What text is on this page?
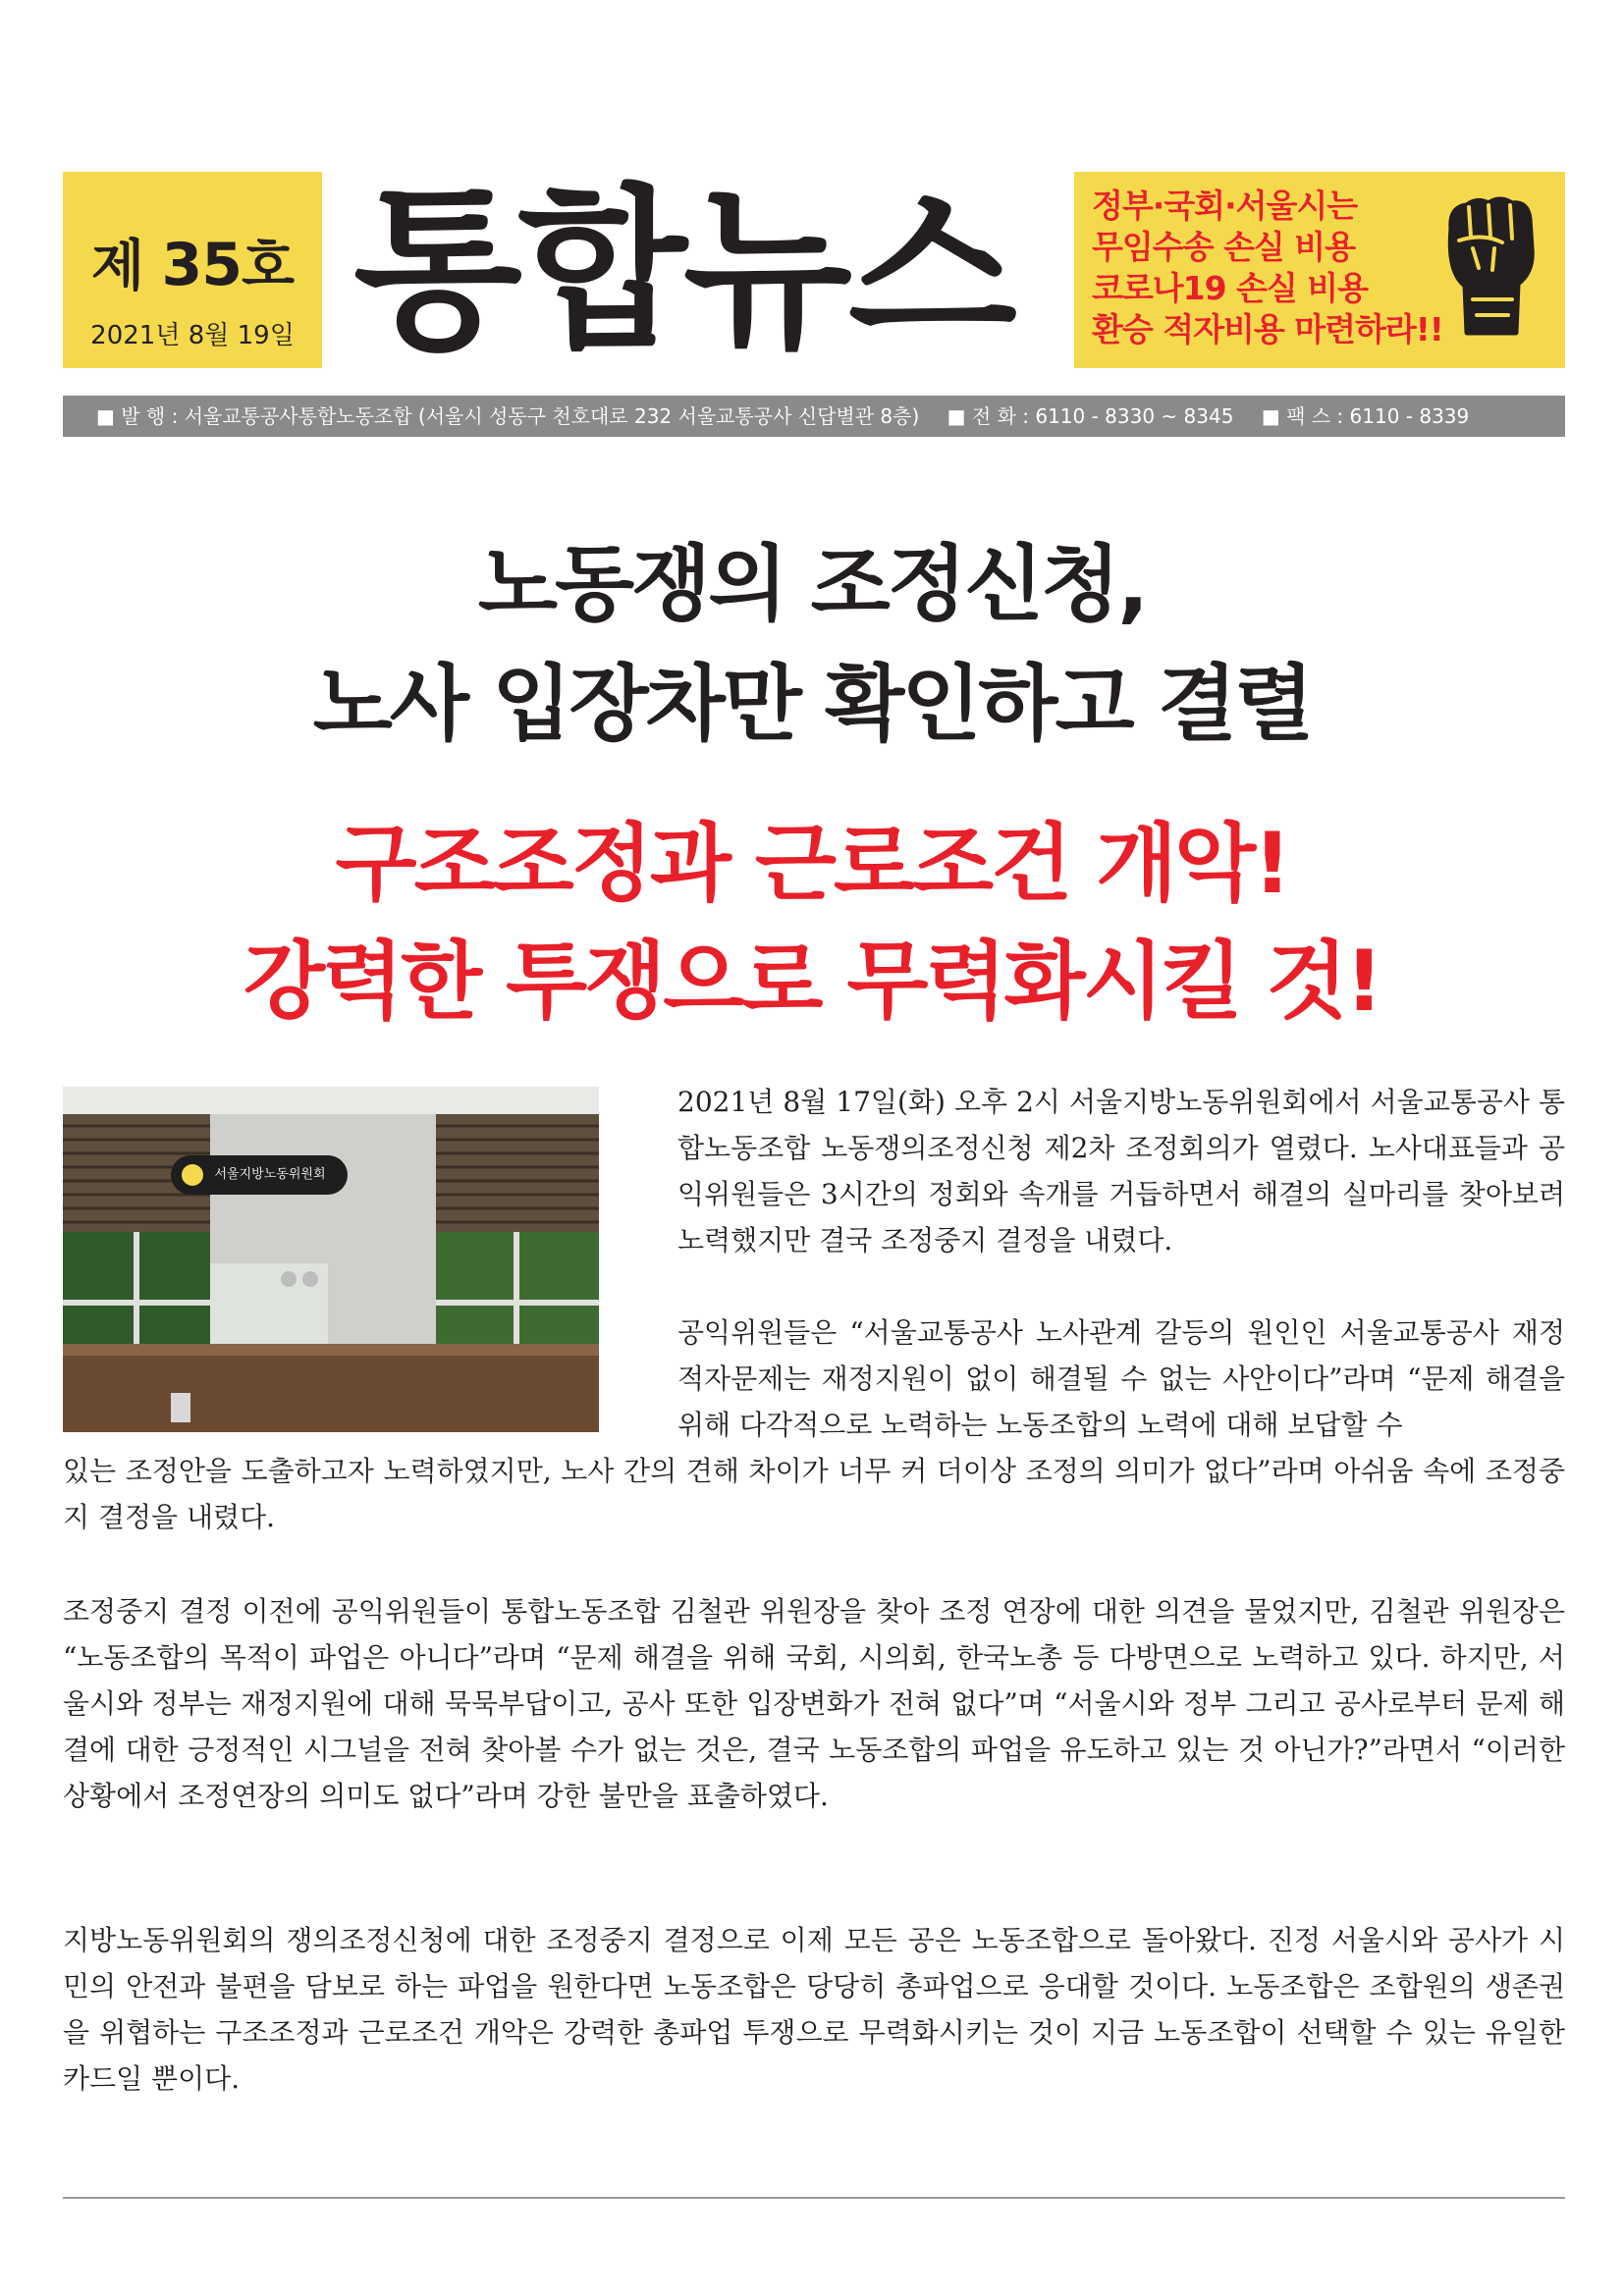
제 35호
2021년 8월 19일 통합뉴스	정부·국회·서울시는
무임수송 손실 비용
코로나19 손실 비용
환승 적자비용 마련하라!!
■ 발 행 : 서울교통공사통합노동조합 (서울시 성동구 천호대로 232 서울교통공사 신답별관 8층) ■ 전 화 : 6110 - 8330 ~ 8345 ■ 팩 스 : 6110 - 8339
노동쟁의 조정신청,
노사 입장차만 확인하고 결렬
구조조정과 근로조건 개악!
강력한 투쟁으로 무력화시킬 것!
서울지방노동위원회

2021년 8월 17일(화) 오후 2시 서울지방노동위원회에서 서울교통공사 통합노동조합 노동쟁의조정신청 제2차 조정회의가 열렸다. 노사대표들과 공익위원들은 3시간의 정회와 속개를 거듭하면서 해결의 실마리를 찾아보려 노력했지만 결국 조정중지 결정을 내렸다.

공익위원들은 “서울교통공사 노사관계 갈등의 원인인 서울교통공사 재정적자문제는 재정지원이 없이 해결될 수 없는 사안이다”라며 “문제 해결을 위해 다각적으로 노력하는 노동조합의 노력에 대해 보답할 수

있는 조정안을 도출하고자 노력하였지만, 노사 간의 견해 차이가 너무 커 더이상 조정의 의미가 없다”라며 아쉬움 속에 조정중지 결정을 내렸다.

조정중지 결정 이전에 공익위원들이 통합노동조합 김철관 위원장을 찾아 조정 연장에 대한 의견을 물었지만, 김철관 위원장은 “노동조합의 목적이 파업은 아니다”라며 “문제 해결을 위해 국회, 시의회, 한국노총 등 다방면으로 노력하고 있다. 하지만, 서울시와 정부는 재정지원에 대해 묵묵부답이고, 공사 또한 입장변화가 전혀 없다”며 “서울시와 정부 그리고 공사로부터 문제 해결에 대한 긍정적인 시그널을 전혀 찾아볼 수가 없는 것은, 결국 노동조합의 파업을 유도하고 있는 것 아닌가?”라면서 “이러한 상황에서 조정연장의 의미도 없다”라며 강한 불만을 표출하였다.

지방노동위원회의 쟁의조정신청에 대한 조정중지 결정으로 이제 모든 공은 노동조합으로 돌아왔다. 진정 서울시와 공사가 시민의 안전과 불편을 담보로 하는 파업을 원한다면 노동조합은 당당히 총파업으로 응대할 것이다. 노동조합은 조합원의 생존권을 위협하는 구조조정과 근로조건 개악은 강력한 총파업 투쟁으로 무력화시키는 것이 지금 노동조합이 선택할 수 있는 유일한 카드일 뿐이다.
